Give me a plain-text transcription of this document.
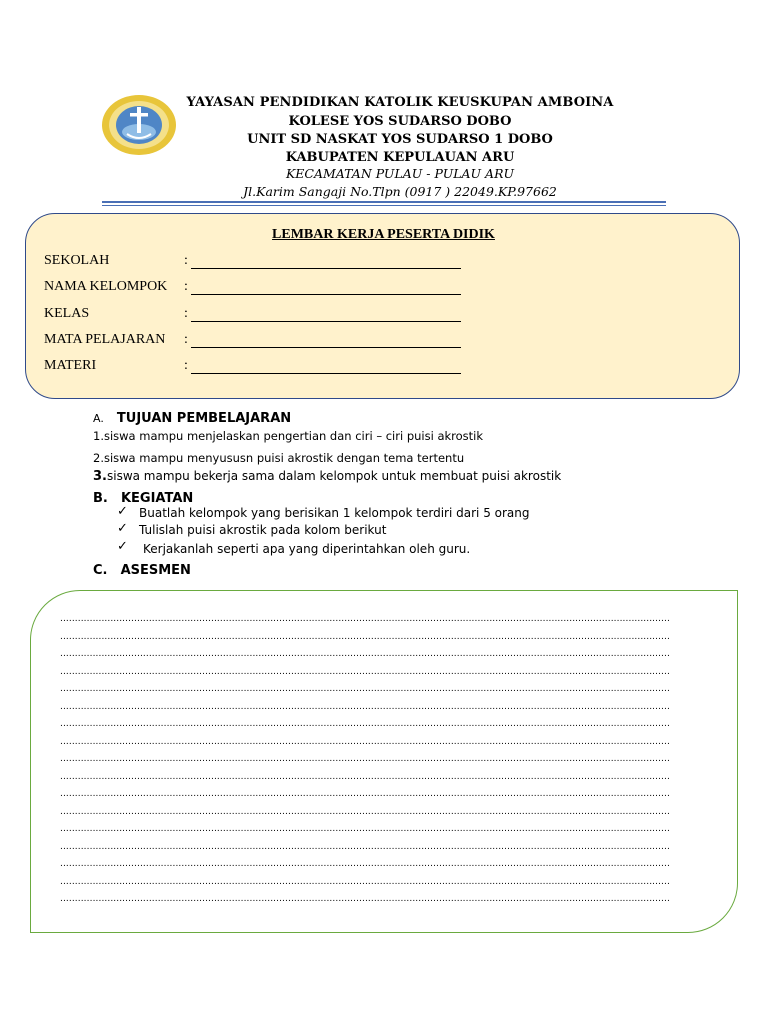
YAYASAN PENDIDIKAN KATOLIK KEUSKUPAN AMBOINA
KOLESE YOS SUDARSO DOBO
UNIT SD NASKAT YOS SUDARSO 1 DOBO
KABUPATEN KEPULAUAN ARU
KECAMATAN PULAU - PULAU ARU
Jl.Karim Sangaji No.Tlpn (0917 ) 22049.KP.97662
LEMBAR KERJA PESERTA DIDIK
SEKOLAH	:
NAMA KELOMPOK :
KELAS	:
MATA PELAJARAN :
MATERI	:
A. TUJUAN PEMBELAJARAN
1.siswa mampu menjelaskan pengertian dan ciri – ciri puisi akrostik
2.siswa mampu menyususn puisi akrostik dengan tema tertentu
3.siswa mampu bekerja sama dalam kelompok untuk membuat puisi akrostik
B. KEGIATAN
✓ Buatlah kelompok yang berisikan 1 kelompok terdiri dari 5 orang
✓ Tulislah puisi akrostik pada kolom berikut
✓ Kerjakanlah seperti apa yang diperintahkan oleh guru.
C. ASESMEN
..............................................................................................................................................................................................................
..............................................................................................................................................................................................................
..............................................................................................................................................................................................................
..............................................................................................................................................................................................................
..............................................................................................................................................................................................................
..............................................................................................................................................................................................................
..............................................................................................................................................................................................................
..............................................................................................................................................................................................................
..............................................................................................................................................................................................................
..............................................................................................................................................................................................................
..............................................................................................................................................................................................................
..............................................................................................................................................................................................................
..............................................................................................................................................................................................................
..............................................................................................................................................................................................................
..............................................................................................................................................................................................................
..............................................................................................................................................................................................................
..............................................................................................................................................................................................................
